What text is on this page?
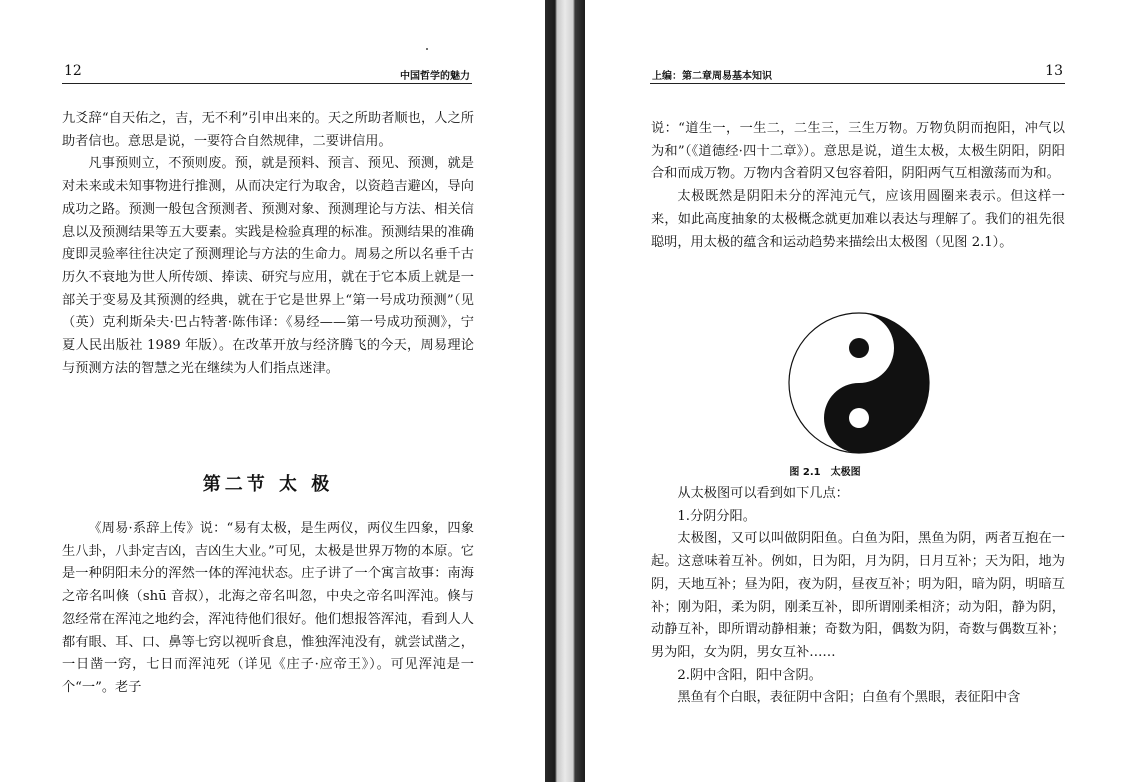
12	中国哲学的魅力

九爻辞“自天佑之，吉，无不利”引申出来的。天之所助者顺也，人之所助者信也。意思是说，一要符合自然规律，二要讲信用。

凡事预则立，不预则废。预，就是预料、预言、预见、预测，就是对未来或未知事物进行推测，从而决定行为取舍，以资趋吉避凶，导向成功之路。预测一般包含预测者、预测对象、预测理论与方法、相关信息以及预测结果等五大要素。实践是检验真理的标准。预测结果的准确度即灵验率往往决定了预测理论与方法的生命力。周易之所以名垂千古历久不衰地为世人所传颂、捧读、研究与应用，就在于它本质上就是一部关于变易及其预测的经典，就在于它是世界上“第一号成功预测”（见（英）克利斯朵夫·巴占特著·陈伟译：《易经——第一号成功预测》，宁夏人民出版社 1989 年版）。在改革开放与经济腾飞的今天，周易理论与预测方法的智慧之光在继续为人们指点迷津。

第二节 太 极

《周易·系辞上传》说：“易有太极，是生两仪，两仪生四象，四象生八卦，八卦定吉凶，吉凶生大业。”可见，太极是世界万物的本原。它是一种阴阳未分的浑然一体的浑沌状态。庄子讲了一个寓言故事：南海之帝名叫倏（shū 音叔），北海之帝名叫忽，中央之帝名叫浑沌。倏与忽经常在浑沌之地约会，浑沌待他们很好。他们想报答浑沌，看到人人都有眼、耳、口、鼻等七窍以视听食息，惟独浑沌没有，就尝试凿之，一日凿一窍，七日而浑沌死（详见《庄子·应帝王》）。可见浑沌是一个“一”。老子

上编：第二章周易基本知识	13

说：“道生一，一生二，二生三，三生万物。万物负阴而抱阳，冲气以为和”（《道德经·四十二章》）。意思是说，道生太极，太极生阴阳，阴阳合和而成万物。万物内含着阴又包容着阳，阴阳两气互相激荡而为和。

太极既然是阴阳未分的浑沌元气，应该用圆圈来表示。但这样一来，如此高度抽象的太极概念就更加难以表达与理解了。我们的祖先很聪明，用太极的蕴含和运动趋势来描绘出太极图（见图 2.1）。

图 2.1　太极图

从太极图可以看到如下几点：

1.分阴分阳。

太极图，又可以叫做阴阳鱼。白鱼为阳，黑鱼为阴，两者互抱在一起。这意味着互补。例如，日为阳，月为阴，日月互补；天为阳，地为阴，天地互补；昼为阳，夜为阴，昼夜互补；明为阳，暗为阴，明暗互补；刚为阳，柔为阴，刚柔互补，即所谓刚柔相济；动为阳，静为阴，动静互补，即所谓动静相兼；奇数为阳，偶数为阴，奇数与偶数互补；男为阳，女为阴，男女互补……

2.阴中含阳，阳中含阴。

黑鱼有个白眼，表征阴中含阳；白鱼有个黑眼，表征阳中含
